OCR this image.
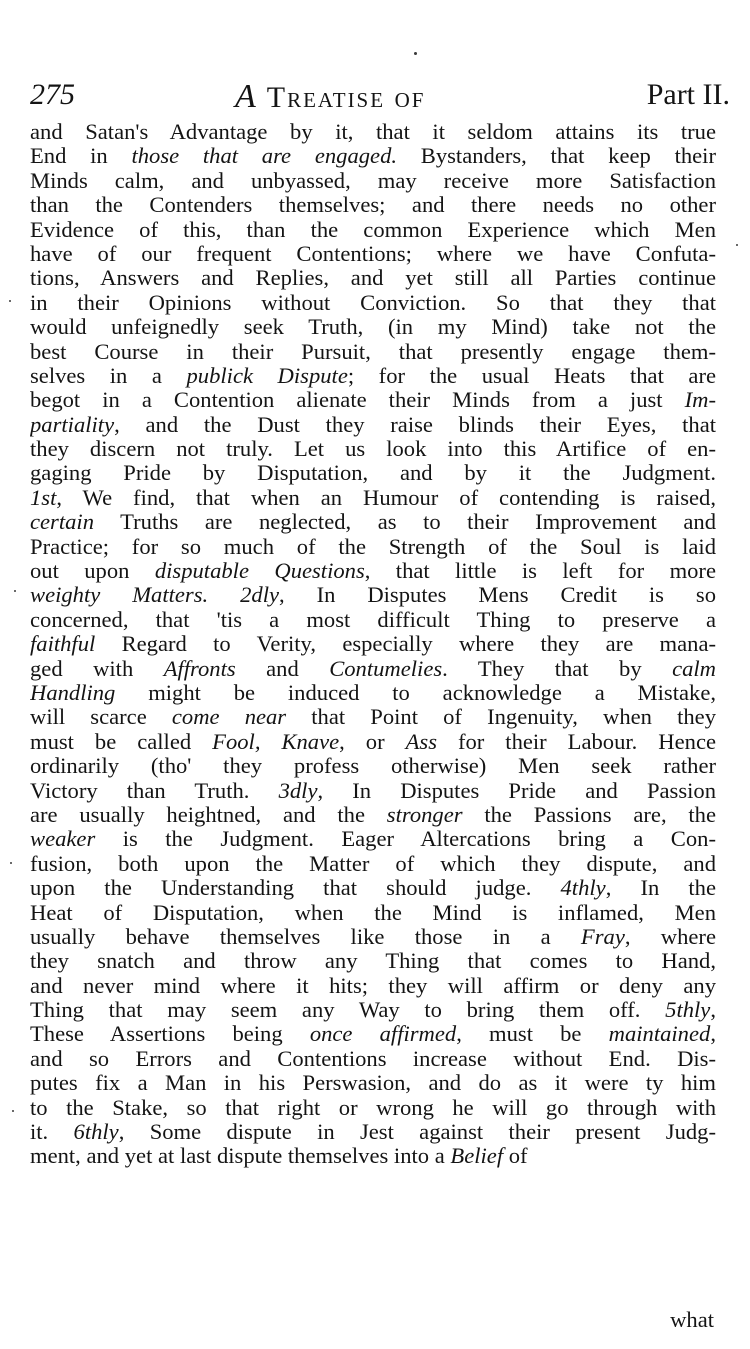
275	A Treatise of	Part II.
and Satan's Advantage by it, that it seldom attains its true
End in those that are engaged. Bystanders, that keep their
Minds calm, and unbyassed, may receive more Satisfaction
than the Contenders themselves; and there needs no other
Evidence of this, than the common Experience which Men
have of our frequent Contentions; where we have Confuta-
tions, Answers and Replies, and yet still all Parties continue
in their Opinions without Conviction. So that they that
would unfeignedly seek Truth, (in my Mind) take not the
best Course in their Pursuit, that presently engage them-
selves in a publick Dispute; for the usual Heats that are
begot in a Contention alienate their Minds from a just Im-
partiality, and the Dust they raise blinds their Eyes, that
they discern not truly. Let us look into this Artifice of en-
gaging Pride by Disputation, and by it the Judgment.
1st, We find, that when an Humour of contending is raised,
certain Truths are neglected, as to their Improvement and
Practice; for so much of the Strength of the Soul is laid
out upon disputable Questions, that little is left for more
weighty Matters. 2dly, In Disputes Mens Credit is so
concerned, that 'tis a most difficult Thing to preserve a
faithful Regard to Verity, especially where they are mana-
ged with Affronts and Contumelies. They that by calm
Handling might be induced to acknowledge a Mistake,
will scarce come near that Point of Ingenuity, when they
must be called Fool, Knave, or Ass for their Labour. Hence
ordinarily (tho' they profess otherwise) Men seek rather
Victory than Truth. 3dly, In Disputes Pride and Passion
are usually heightned, and the stronger the Passions are, the
weaker is the Judgment. Eager Altercations bring a Con-
fusion, both upon the Matter of which they dispute, and
upon the Understanding that should judge. 4thly, In the
Heat of Disputation, when the Mind is inflamed, Men
usually behave themselves like those in a Fray, where
they snatch and throw any Thing that comes to Hand,
and never mind where it hits; they will affirm or deny any
Thing that may seem any Way to bring them off. 5thly,
These Assertions being once affirmed, must be maintained,
and so Errors and Contentions increase without End. Dis-
putes fix a Man in his Perswasion, and do as it were ty him
to the Stake, so that right or wrong he will go through with
it. 6thly, Some dispute in Jest against their present Judg-
ment, and yet at last dispute themselves into a Belief of
what
